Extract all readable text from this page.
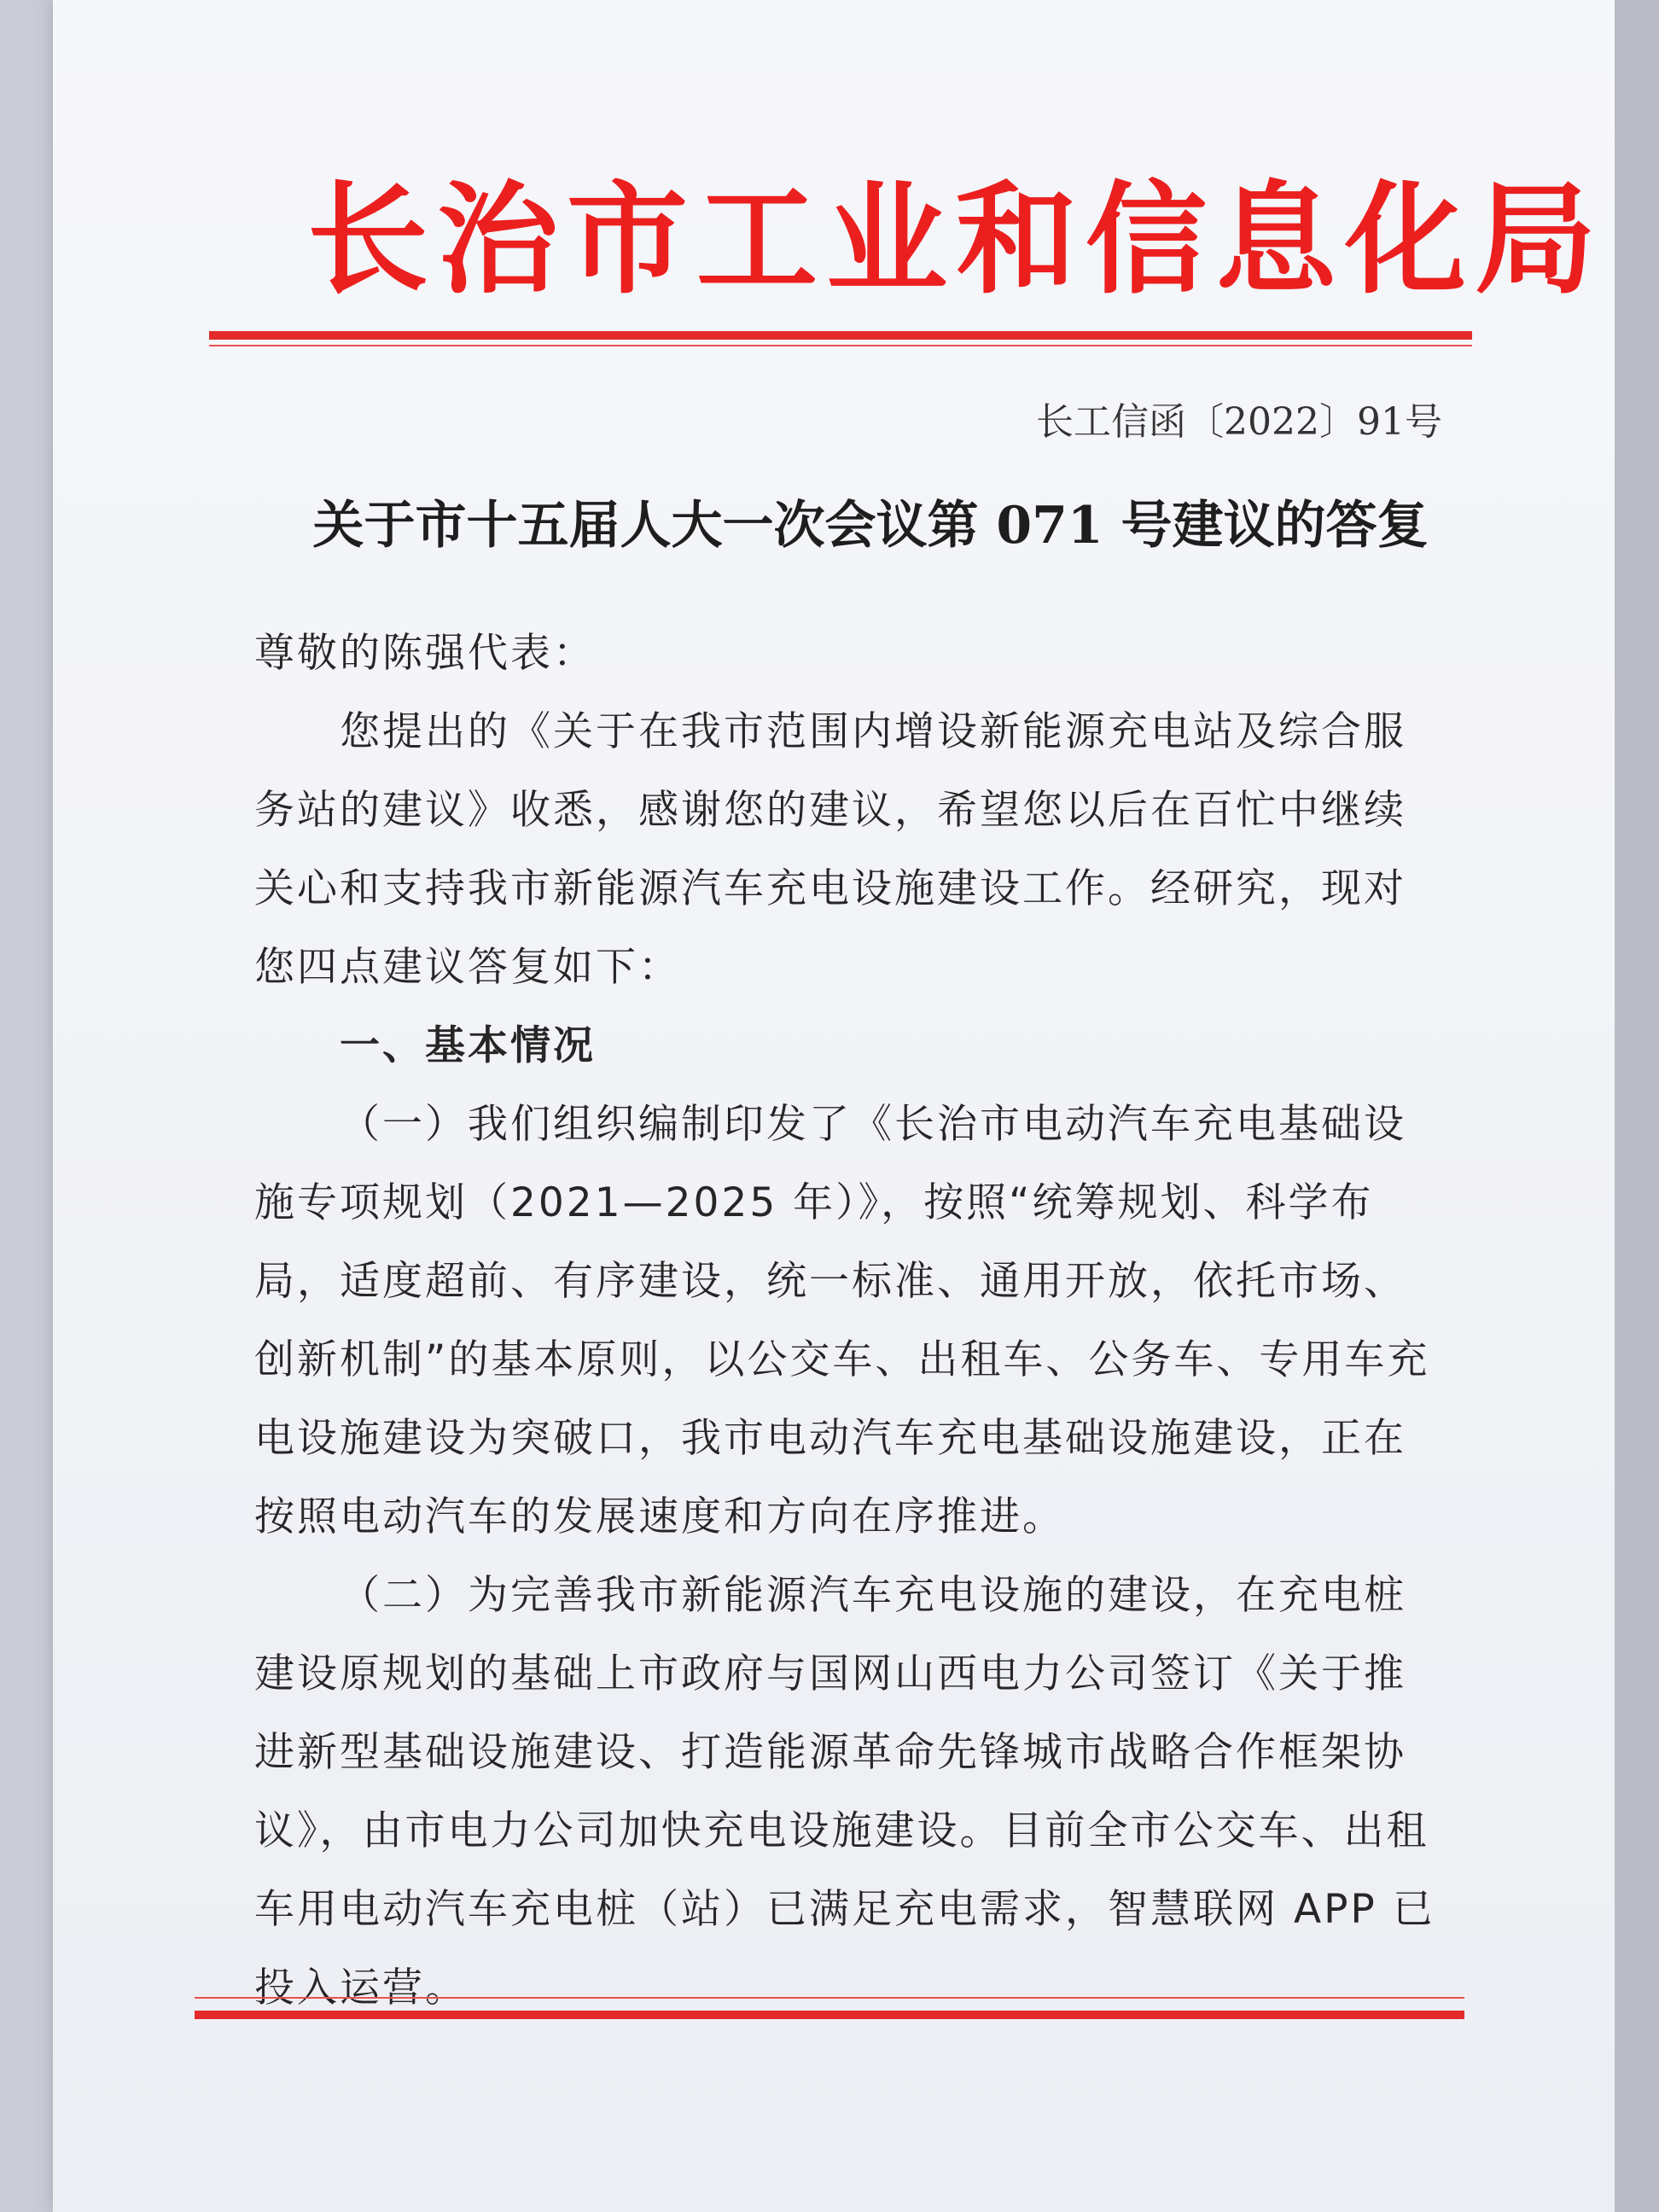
长治市工业和信息化局
长工信函〔2022〕91号
关于市十五届人大一次会议第 071 号建议的答复
尊敬的陈强代表：
您提出的《关于在我市范围内增设新能源充电站及综合服务站的建议》收悉，感谢您的建议，希望您以后在百忙中继续关心和支持我市新能源汽车充电设施建设工作。经研究，现对您四点建议答复如下：
一、基本情况
（一）我们组织编制印发了《长治市电动汽车充电基础设施专项规划（2021—2025 年）》，按照“统筹规划、科学布局，适度超前、有序建设，统一标准、通用开放，依托市场、创新机制”的基本原则，以公交车、出租车、公务车、专用车充电设施建设为突破口，我市电动汽车充电基础设施建设，正在按照电动汽车的发展速度和方向在序推进。
（二）为完善我市新能源汽车充电设施的建设，在充电桩建设原规划的基础上市政府与国网山西电力公司签订《关于推进新型基础设施建设、打造能源革命先锋城市战略合作框架协议》，由市电力公司加快充电设施建设。目前全市公交车、出租车用电动汽车充电桩（站）已满足充电需求，智慧联网 APP 已投入运营。
